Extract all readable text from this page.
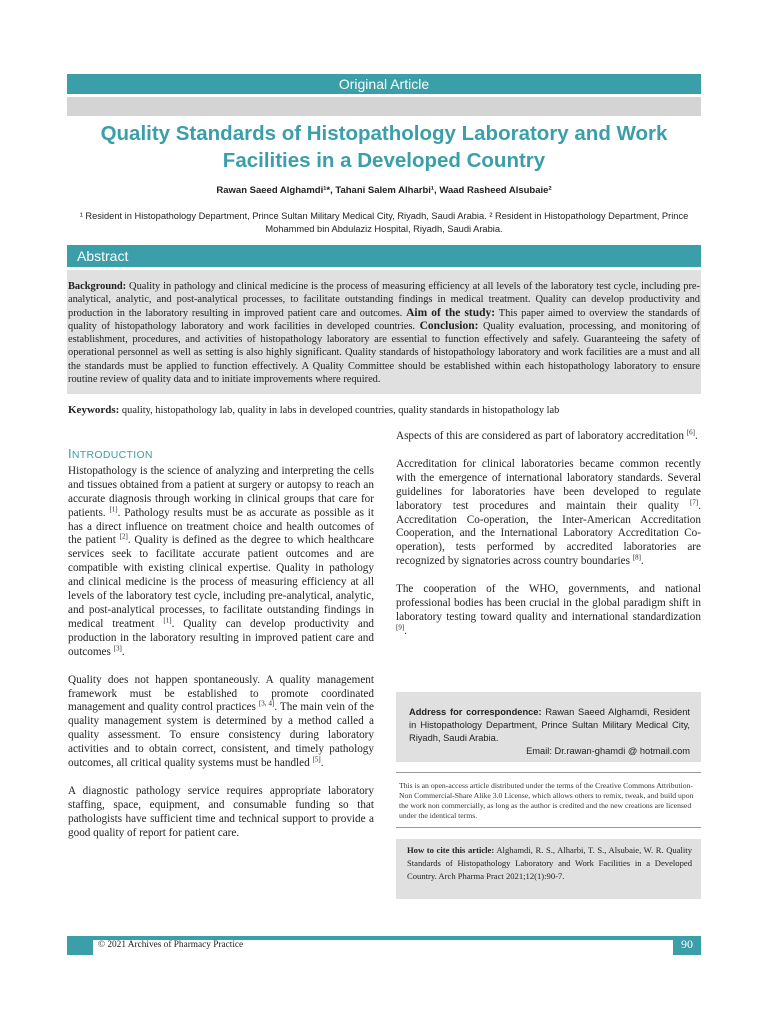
Original Article
Quality Standards of Histopathology Laboratory and Work Facilities in a Developed Country
Rawan Saeed Alghamdi¹*, Tahani Salem Alharbi¹, Waad Rasheed Alsubaie²
¹ Resident in Histopathology Department, Prince Sultan Military Medical City, Riyadh, Saudi Arabia. ² Resident in Histopathology Department, Prince Mohammed bin Abdulaziz Hospital, Riyadh, Saudi Arabia.
Abstract
Background: Quality in pathology and clinical medicine is the process of measuring efficiency at all levels of the laboratory test cycle, including pre-analytical, analytic, and post-analytical processes, to facilitate outstanding findings in medical treatment. Quality can develop productivity and production in the laboratory resulting in improved patient care and outcomes. Aim of the study: This paper aimed to overview the standards of quality of histopathology laboratory and work facilities in developed countries. Conclusion: Quality evaluation, processing, and monitoring of establishment, procedures, and activities of histopathology laboratory are essential to function effectively and safely. Guaranteeing the safety of operational personnel as well as setting is also highly significant. Quality standards of histopathology laboratory and work facilities are a must and all the standards must be applied to function effectively. A Quality Committee should be established within each histopathology laboratory to ensure routine review of quality data and to initiate improvements where required.
Keywords: quality, histopathology lab, quality in labs in developed countries, quality standards in histopathology lab
INTRODUCTION

Histopathology is the science of analyzing and interpreting the cells and tissues obtained from a patient at surgery or autopsy to reach an accurate diagnosis through working in clinical groups that care for patients. [1]. Pathology results must be as accurate as possible as it has a direct influence on treatment choice and health outcomes of the patient [2]. Quality is defined as the degree to which healthcare services seek to facilitate accurate patient outcomes and are compatible with existing clinical expertise. Quality in pathology and clinical medicine is the process of measuring efficiency at all levels of the laboratory test cycle, including pre-analytical, analytic, and post-analytical processes, to facilitate outstanding findings in medical treatment [1]. Quality can develop productivity and production in the laboratory resulting in improved patient care and outcomes [3].

Quality does not happen spontaneously. A quality management framework must be established to promote coordinated management and quality control practices [3, 4]. The main vein of the quality management system is determined by a method called a quality assessment. To ensure consistency during laboratory activities and to obtain correct, consistent, and timely pathology outcomes, all critical quality systems must be handled [5].

A diagnostic pathology service requires appropriate laboratory staffing, space, equipment, and consumable funding so that pathologists have sufficient time and technical support to provide a good quality of report for patient care.

Aspects of this are considered as part of laboratory accreditation [6].

Accreditation for clinical laboratories became common recently with the emergence of international laboratory standards. Several guidelines for laboratories have been developed to regulate laboratory test procedures and maintain their quality [7]. Accreditation Co-operation, the Inter-American Accreditation Cooperation, and the International Laboratory Accreditation Co-operation), tests performed by accredited laboratories are recognized by signatories across country boundaries [8].

The cooperation of the WHO, governments, and national professional bodies has been crucial in the global paradigm shift in laboratory testing toward quality and international standardization [9].

Address for correspondence: Rawan Saeed Alghamdi, Resident in Histopathology Department, Prince Sultan Military Medical City, Riyadh, Saudi Arabia.
Email: Dr.rawan-ghamdi @ hotmail.com
This is an open-access article distributed under the terms of the Creative Commons Attribution-Non Commercial-Share Alike 3.0 License, which allows others to remix, tweak, and build upon the work non commercially, as long as the author is credited and the new creations are licensed under the identical terms.
How to cite this article: Alghamdi, R. S., Alharbi, T. S., Alsubaie, W. R. Quality Standards of Histopathology Laboratory and Work Facilities in a Developed Country. Arch Pharma Pract 2021;12(1):90-7.
© 2021 Archives of Pharmacy Practice	90
